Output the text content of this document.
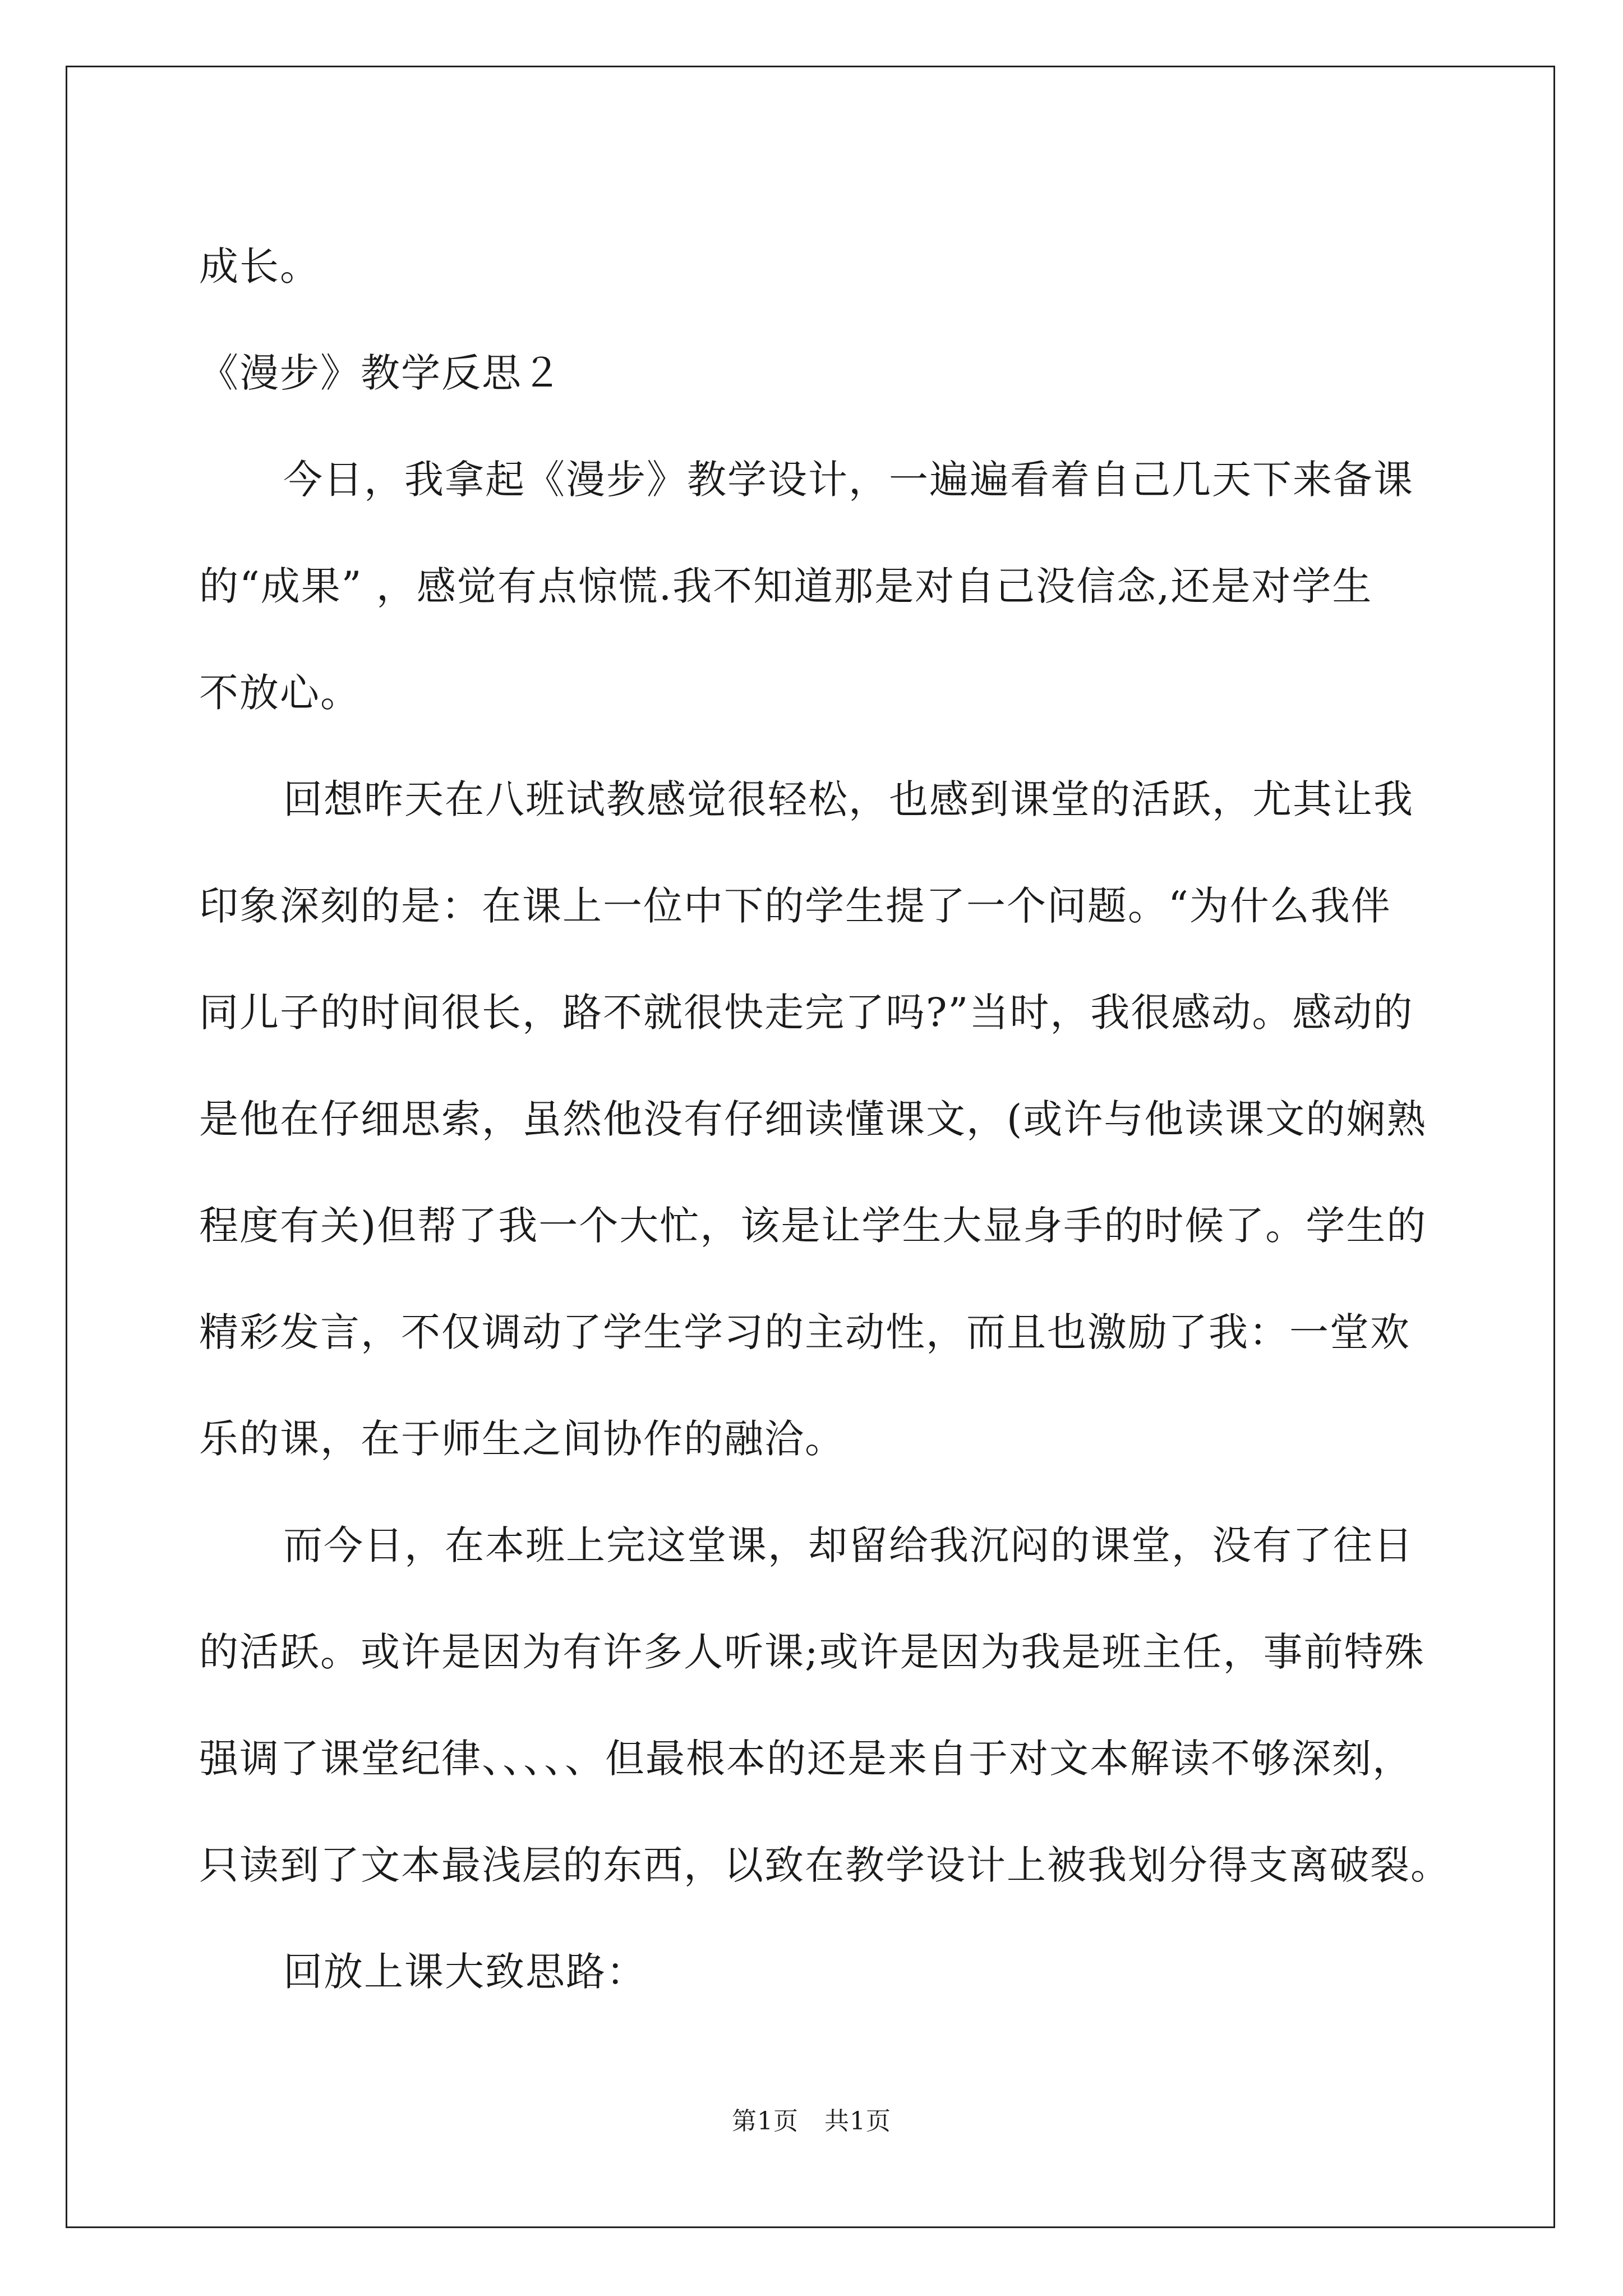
成长。
《漫步》教学反思２
今日，我拿起《漫步》教学设计，一遍遍看着自己几天下来备课
的“成果” ，感觉有点惊慌.我不知道那是对自己没信念,还是对学生
不放心。
回想昨天在八班试教感觉很轻松，也感到课堂的活跃，尤其让我
印象深刻的是：在课上一位中下的学生提了一个问题。“为什么我伴
同儿子的时间很长，路不就很快走完了吗?”当时，我很感动。感动的
是他在仔细思索，虽然他没有仔细读懂课文，(或许与他读课文的娴熟
程度有关)但帮了我一个大忙，该是让学生大显身手的时候了。学生的
精彩发言，不仅调动了学生学习的主动性，而且也激励了我：一堂欢
乐的课，在于师生之间协作的融洽。
而今日，在本班上完这堂课，却留给我沉闷的课堂，没有了往日
的活跃。或许是因为有许多人听课;或许是因为我是班主任，事前特殊
强调了课堂纪律、、、、、但最根本的还是来自于对文本解读不够深刻，
只读到了文本最浅层的东西，以致在教学设计上被我划分得支离破裂。
回放上课大致思路：
第1页 共1页
